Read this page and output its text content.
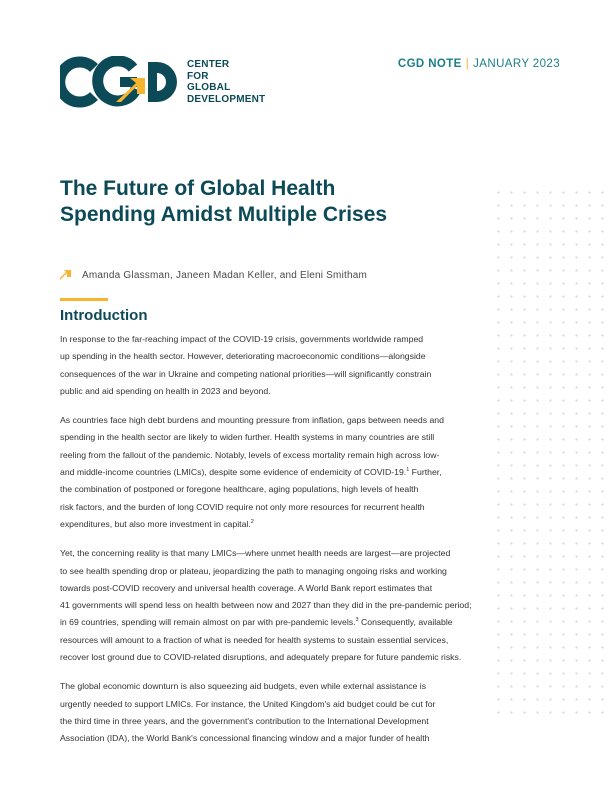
CENTER
FOR
GLOBAL
DEVELOPMENT
CGD NOTE | JANUARY 2023
The Future of Global Health
Spending Amidst Multiple Crises
Amanda Glassman, Janeen Madan Keller, and Eleni Smitham
Introduction

In response to the far-reaching impact of the COVID-19 crisis, governments worldwide ramped
up spending in the health sector. However, deteriorating macroeconomic conditions—alongside
consequences of the war in Ukraine and competing national priorities—will significantly constrain
public and aid spending on health in 2023 and beyond.

As countries face high debt burdens and mounting pressure from inflation, gaps between needs and
spending in the health sector are likely to widen further. Health systems in many countries are still
reeling from the fallout of the pandemic. Notably, levels of excess mortality remain high across low-
and middle-income countries (LMICs), despite some evidence of endemicity of COVID-19.$^1$ Further,
the combination of postponed or foregone healthcare, aging populations, high levels of health
risk factors, and the burden of long COVID require not only more resources for recurrent health
expenditures, but also more investment in capital.$^2$

Yet, the concerning reality is that many LMICs—where unmet health needs are largest—are projected
to see health spending drop or plateau, jeopardizing the path to managing ongoing risks and working
towards post-COVID recovery and universal health coverage. A World Bank report estimates that
41 governments will spend less on health between now and 2027 than they did in the pre-pandemic period;
in 69 countries, spending will remain almost on par with pre-pandemic levels.$^3$ Consequently, available
resources will amount to a fraction of what is needed for health systems to sustain essential services,
recover lost ground due to COVID-related disruptions, and adequately prepare for future pandemic risks.

The global economic downturn is also squeezing aid budgets, even while external assistance is
urgently needed to support LMICs. For instance, the United Kingdom's aid budget could be cut for
the third time in three years, and the government's contribution to the International Development
Association (IDA), the World Bank's concessional financing window and a major funder of health
